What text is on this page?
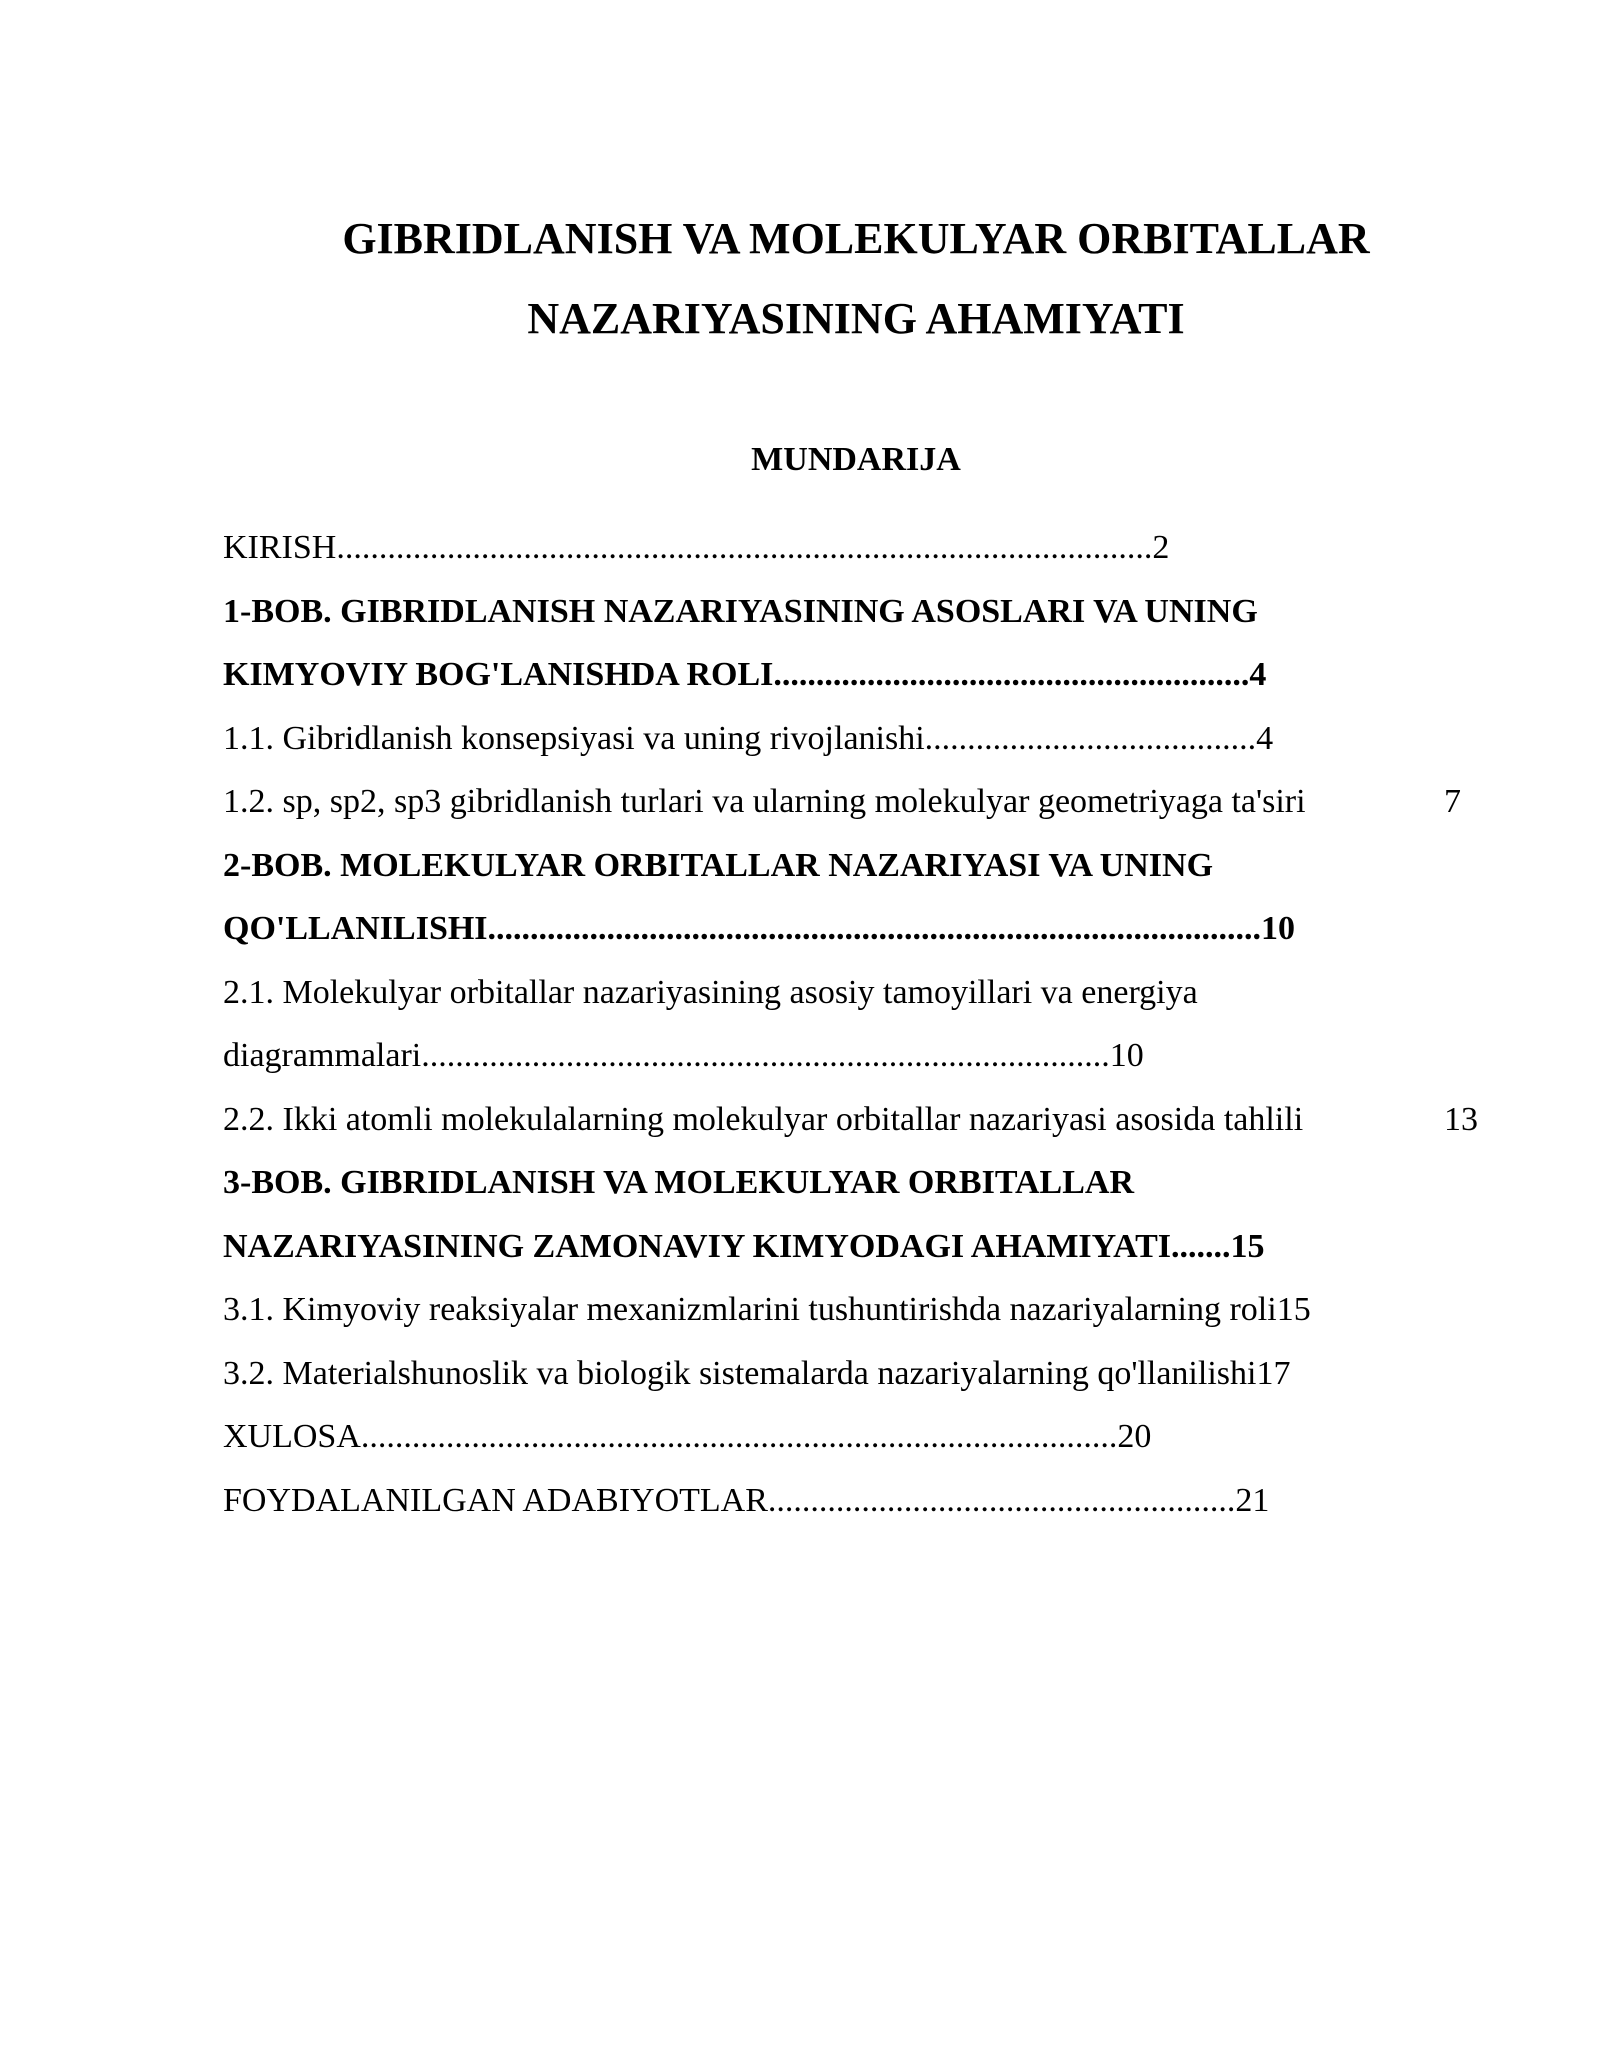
GIBRIDLANISH VA MOLEKULYAR ORBITALLAR
NAZARIYASINING AHAMIYATI
MUNDARIJA
KIRISH................................................................................................2
1-BOB. GIBRIDLANISH NAZARIYASINING ASOSLARI VA UNING
KIMYOVIY BOG'LANISHDA ROLI........................................................4
1.1. Gibridlanish konsepsiyasi va uning rivojlanishi.......................................4
1.2. sp, sp2, sp3 gibridlanish turlari va ularning molekulyar geometriyaga ta'siri	7
2-BOB. MOLEKULYAR ORBITALLAR NAZARIYASI VA UNING
QO'LLANILISHI...........................................................................................10
2.1. Molekulyar orbitallar nazariyasining asosiy tamoyillari va energiya
diagrammalari.................................................................................10
2.2. Ikki atomli molekulalarning molekulyar orbitallar nazariyasi asosida tahlili	13
3-BOB. GIBRIDLANISH VA MOLEKULYAR ORBITALLAR
NAZARIYASINING ZAMONAVIY KIMYODAGI AHAMIYATI.......15
3.1. Kimyoviy reaksiyalar mexanizmlarini tushuntirishda nazariyalarning roli15
3.2. Materialshunoslik va biologik sistemalarda nazariyalarning qo'llanilishi17
XULOSA.........................................................................................20
FOYDALANILGAN ADABIYOTLAR.......................................................21
